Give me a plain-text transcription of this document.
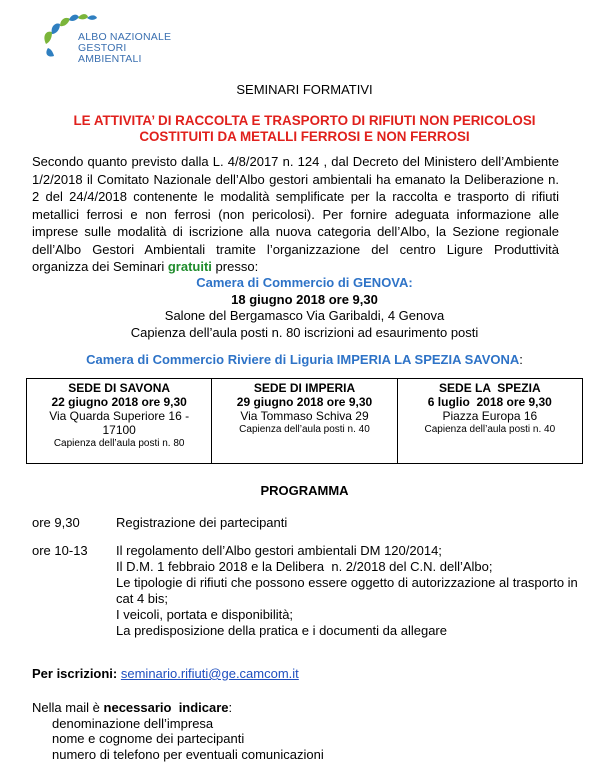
ALBO NAZIONALE
GESTORI AMBIENTALI
SEMINARI FORMATIVI
LE ATTIVITA’ DI RACCOLTA E TRASPORTO DI RIFIUTI NON PERICOLOSI
COSTITUITI DA METALLI FERROSI E NON FERROSI
Secondo quanto previsto dalla L. 4/8/2017 n. 124 , dal Decreto del Ministero dell’Ambiente 1/2/2018 il Comitato Nazionale dell’Albo gestori ambientali ha emanato la Deliberazione n. 2 del 24/4/2018 contenente le modalità semplificate per la raccolta e trasporto di rifiuti metallici ferrosi e non ferrosi (non pericolosi). Per fornire adeguata informazione alle imprese sulle modalità di iscrizione alla nuova categoria dell’Albo, la Sezione regionale dell’Albo Gestori Ambientali tramite l’organizzazione del centro Ligure Produttività organizza dei Seminari gratuiti presso:
Camera di Commercio di GENOVA:
18 giugno 2018 ore 9,30
Salone del Bergamasco Via Garibaldi, 4 Genova
Capienza dell’aula posti n. 80 iscrizioni ad esaurimento posti
Camera di Commercio Riviere di Liguria IMPERIA LA SPEZIA SAVONA:
SEDE DI SAVONA
22 giugno 2018 ore 9,30
Via Quarda Superiore 16 - 17100
Capienza dell’aula posti n. 80

SEDE DI IMPERIA
29 giugno 2018 ore 9,30
Via Tommaso Schiva 29
Capienza dell’aula posti n. 40

SEDE LA  SPEZIA
6 luglio  2018 ore 9,30
Piazza Europa 16
Capienza dell’aula posti n. 40
PROGRAMMA
ore 9,30	Registrazione dei partecipanti
ore 10-13 Il regolamento dell’Albo gestori ambientali DM 120/2014;
Il D.M. 1 febbraio 2018 e la Delibera  n. 2/2018 del C.N. dell’Albo;
Le tipologie di rifiuti che possono essere oggetto di autorizzazione al trasporto in cat 4 bis;
I veicoli, portata e disponibilità;
La predisposizione della pratica e i documenti da allegare
Per iscrizioni: seminario.rifiuti@ge.camcom.it
Nella mail è necessario  indicare:
denominazione dell’impresa
nome e cognome dei partecipanti
numero di telefono per eventuali comunicazioni
